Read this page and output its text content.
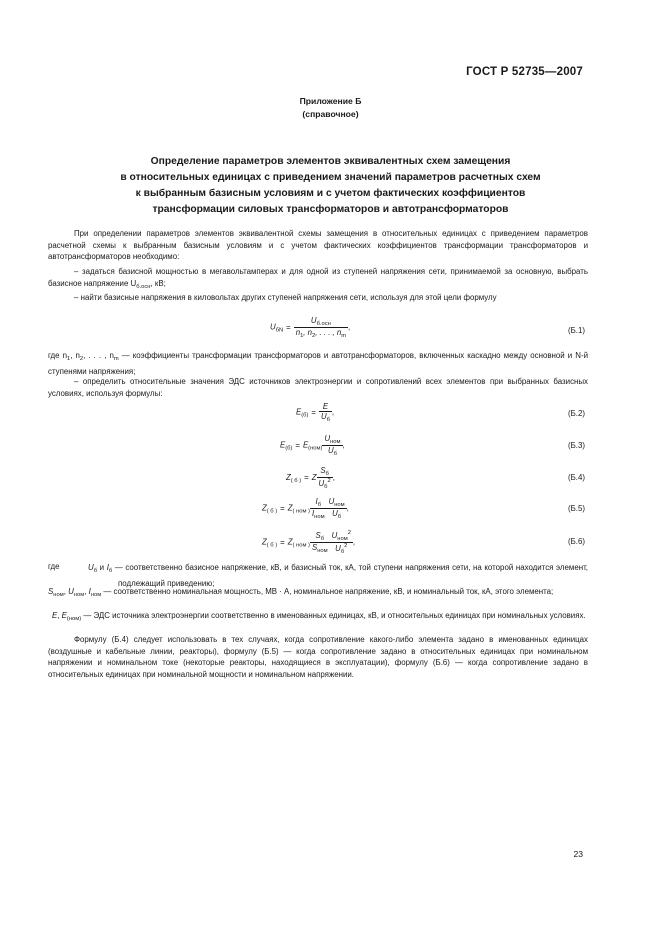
ГОСТ Р 52735—2007
Приложение Б
(справочное)
Определение параметров элементов эквивалентных схем замещения
в относительных единицах с приведением значений параметров расчетных схем
к выбранным базисным условиям и с учетом фактических коэффициентов
трансформации силовых трансформаторов и автотрансформаторов
При определении параметров элементов эквивалентной схемы замещения в относительных единицах с приведением параметров расчетной схемы к выбранным базисным условиям и с учетом фактических коэффициентов трансформации трансформаторов и автотрансформаторов необходимо:
– задаться базисной мощностью в мегавольтамперах и для одной из ступеней напряжения сети, принимаемой за основную, выбрать базисное напряжение $U_{б.осн}$, кВ;
– найти базисные напряжения в киловольтах других ступеней напряжения сети, используя для этой цели формулу
$U_{бN} = \frac{U_{б.осн}}{n_1, n_2, . . . , n_m}$ ,	(Б.1)
где $n_1$, $n_2$, . . . , $n_m$ — коэффициенты трансформации трансформаторов и автотрансформаторов, включенных каскадно между основной и N-й ступенями напряжения;
– определить относительные значения ЭДС источников электроэнергии и сопротивлений всех элементов при выбранных базисных условиях, используя формулы:
$E_{(б)} = \frac{E}{U_б}$ ,	(Б.2)
$E_{(б)} = E_{(ном)} \frac{U_{ном}}{U_б}$ ,	(Б.3)
$Z_{( б )} = Z \frac{S_б}{U_б^2}$ ,	(Б.4)
$Z_{( б )} = Z_{( ном )} \frac{I_б}{I_{ном}} \frac{U_{ном}}{U_б}$ ,	(Б.5)
$Z_{( б )} = Z_{( ном )} \frac{S_б}{S_{ном}} \frac{U_{ном}^2}{U_б^2}$ ,	(Б.6)
где	$U_б$ и $I_б$ — соответственно базисное напряжение, кВ, и базисный ток, кА, той ступени напряжения сети, на которой находится элемент, подлежащий приведению;
$S_{ном}$, $U_{ном}$, $I_{ном}$ — соответственно номинальная мощность, МВ · А, номинальное напряжение, кВ, и номинальный ток, кА, этого элемента;
E, $E_{(ном)}$ — ЭДС источника электроэнергии соответственно в именованных единицах, кВ, и относительных единицах при номинальных условиях.
Формулу (Б.4) следует использовать в тех случаях, когда сопротивление какого-либо элемента задано в именованных единицах (воздушные и кабельные линии, реакторы), формулу (Б.5) — когда сопротивление задано в относительных единицах при номинальном напряжении и номинальном токе (некоторые реакторы, находящиеся в эксплуатации), формулу (Б.6) — когда сопротивление задано в относительных единицах при номинальной мощности и номинальном напряжении.
23
